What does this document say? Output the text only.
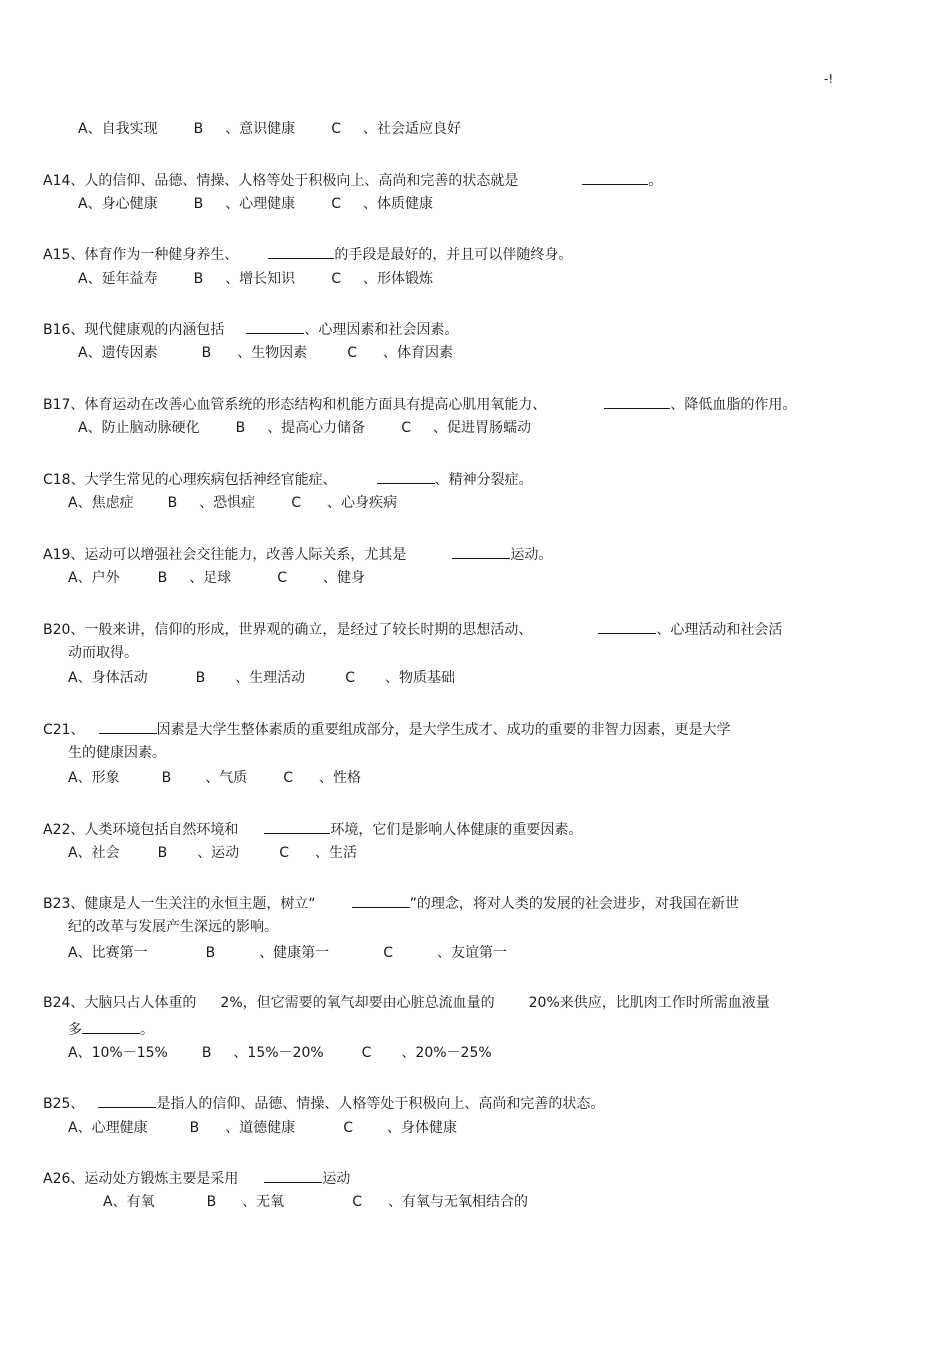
-!
A、自我实现	B 、意识健康	C 、社会适应良好
A14、人的信仰、品德、情操、人格等处于积极向上、高尚和完善的状态就是	。
A、身心健康	B 、心理健康	C 、体质健康
A15、体育作为一种健身养生、	的手段是最好的，并且可以伴随终身。
A、延年益寿	B 、增长知识	C 、形体锻炼
B16、现代健康观的内涵包括	、心理因素和社会因素。
A、遗传因素	B 、生物因素	C 、体育因素
B17、体育运动在改善心血管系统的形态结构和机能方面具有提高心肌用氧能力、	、降低血脂的作用。
A、防止脑动脉硬化	B 、提高心力储备	C 、促进胃肠蠕动
C18、大学生常见的心理疾病包括神经官能症、	、精神分裂症。
A、焦虑症 B 、恐惧症	C 、心身疾病
A19、运动可以增强社会交往能力，改善人际关系，尤其是	运动。
A、户外	B 、足球	C	、健身
B20、一般来讲，信仰的形成，世界观的确立，是经过了较长时期的思想活动、	、心理活动和社会活
动而取得。
A、身体活动	B 、生理活动	C 、物质基础
C21、	因素是大学生整体素质的重要组成部分，是大学生成才、成功的重要的非智力因素，更是大学
生的健康因素。
A、形象	B 、气质	C 、性格
A22、人类环境包括自然环境和	环境，它们是影响人体健康的重要因素。
A、社会	B 、运动	C 、生活
B23、健康是人一生关注的永恒主题，树立“	”的理念，将对人类的发展的社会进步，对我国在新世
纪的改革与发展产生深远的影响。
A、比赛第一	B	、健康第一	C	、友谊第一
B24、大脑只占人体重的 2%，但它需要的氧气却要由心脏总流血量的 20%来供应，比肌肉工作时所需血液量
多	。
A、10%－15% B 、15%－20%	C 、20%－25%
B25、	是指人的信仰、品德、情操、人格等处于积极向上、高尚和完善的状态。
A、心理健康	B 、道德健康	C 、身体健康
A26、运动处方锻炼主要是采用	运动
A、有氧	B 、无氧	C 、有氧与无氧相结合的
